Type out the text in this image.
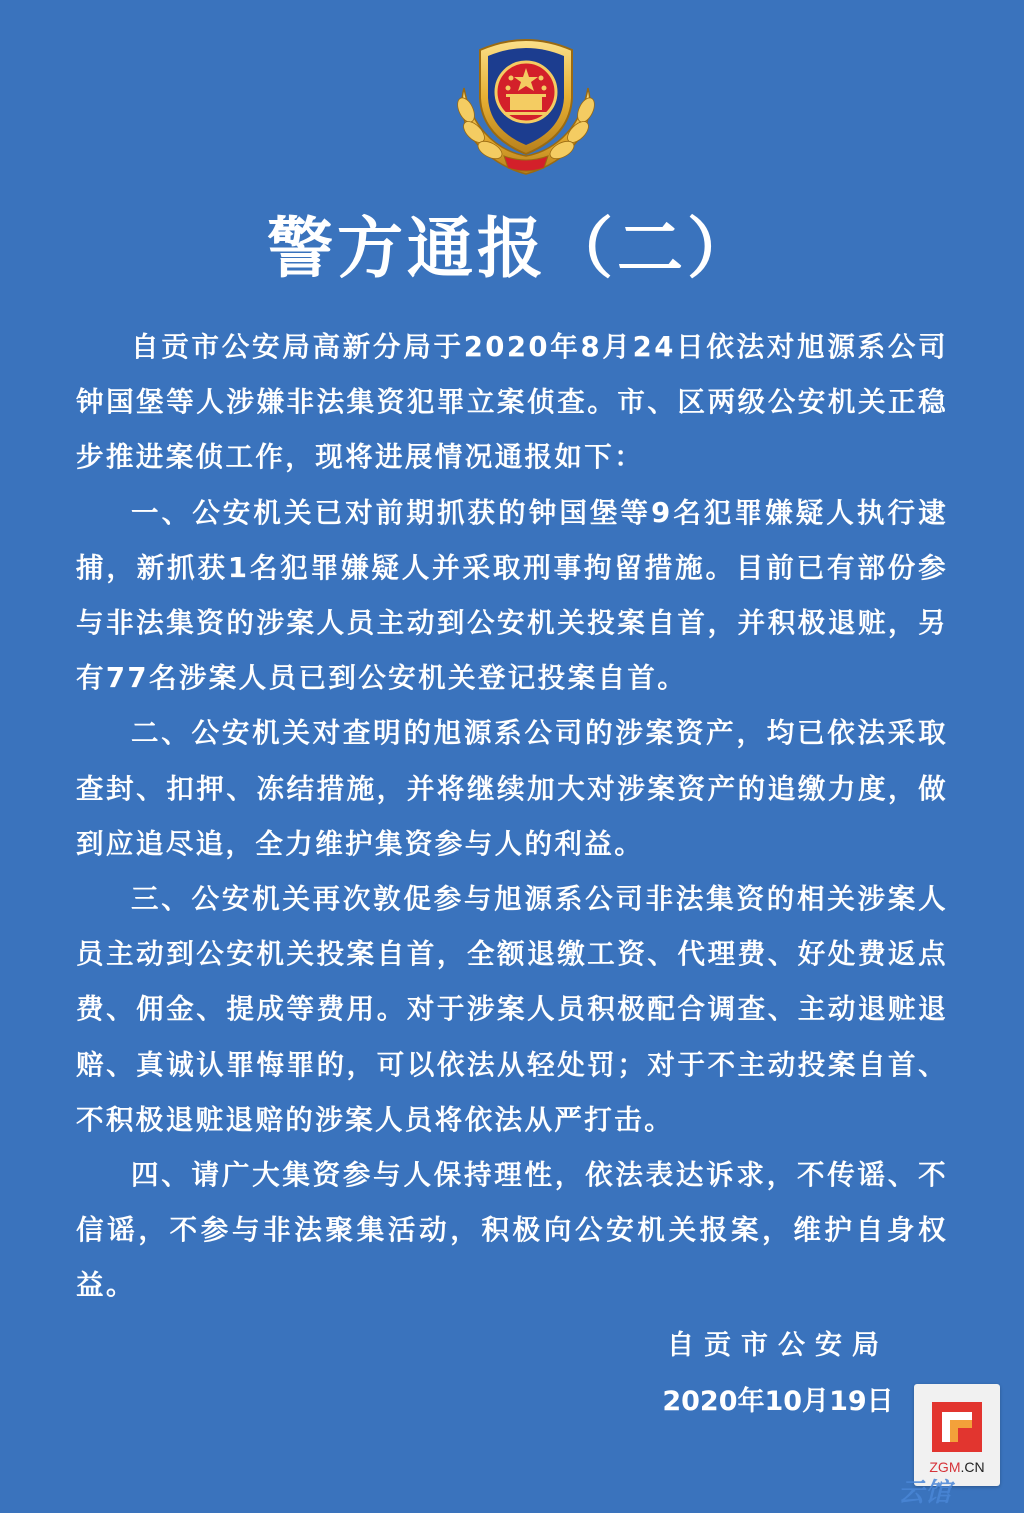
警方通报（二）

自贡市公安局高新分局于2020年8月24日依法对旭源系公司钟国堡等人涉嫌非法集资犯罪立案侦查。市、区两级公安机关正稳步推进案侦工作，现将进展情况通报如下：

一、公安机关已对前期抓获的钟国堡等9名犯罪嫌疑人执行逮捕，新抓获1名犯罪嫌疑人并采取刑事拘留措施。目前已有部份参与非法集资的涉案人员主动到公安机关投案自首，并积极退赃，另有77名涉案人员已到公安机关登记投案自首。

二、公安机关对查明的旭源系公司的涉案资产，均已依法采取查封、扣押、冻结措施，并将继续加大对涉案资产的追缴力度，做到应追尽追，全力维护集资参与人的利益。

三、公安机关再次敦促参与旭源系公司非法集资的相关涉案人员主动到公安机关投案自首，全额退缴工资、代理费、好处费返点费、佣金、提成等费用。对于涉案人员积极配合调查、主动退赃退赔、真诚认罪悔罪的，可以依法从轻处罚；对于不主动投案自首、不积极退赃退赔的涉案人员将依法从严打击。

四、请广大集资参与人保持理性，依法表达诉求，不传谣、不信谣，不参与非法聚集活动，积极向公安机关报案，维护自身权益。

自贡市公安局
2020年10月19日
ZGM.CN
云馆
